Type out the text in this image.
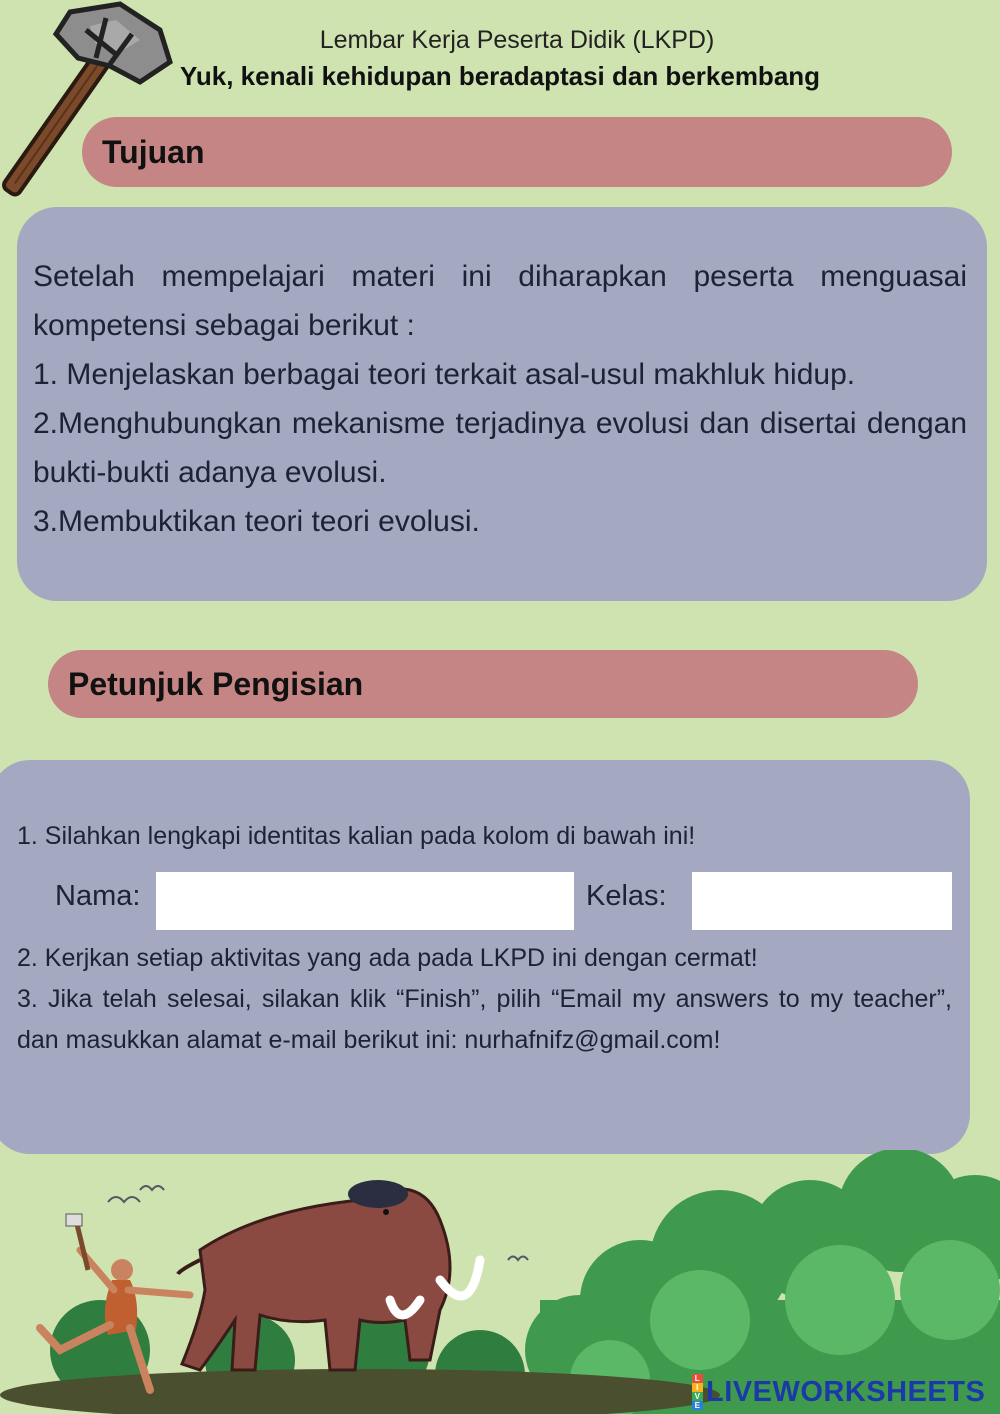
Lembar Kerja Peserta Didik (LKPD)
Yuk, kenali kehidupan beradaptasi dan berkembang
Tujuan

Setelah mempelajari materi ini diharapkan peserta menguasai

kompetensi sebagai berikut :

1. Menjelaskan berbagai teori terkait asal-usul makhluk hidup.

2.Menghubungkan mekanisme terjadinya evolusi dan disertai dengan bukti-bukti adanya evolusi.

3.Membuktikan teori teori evolusi.

Petunjuk Pengisian
1. Silahkan lengkapi identitas kalian pada kolom di bawah ini!
Nama:	Kelas:

2. Kerjkan setiap aktivitas yang ada pada LKPD ini dengan cermat!

3. Jika telah selesai, silakan klik “Finish”, pilih “Email my answers to my teacher”, dan masukkan alamat e-mail berikut ini: nurhafnifz@gmail.com!

L
I
V
E LIVEWORKSHEETS
